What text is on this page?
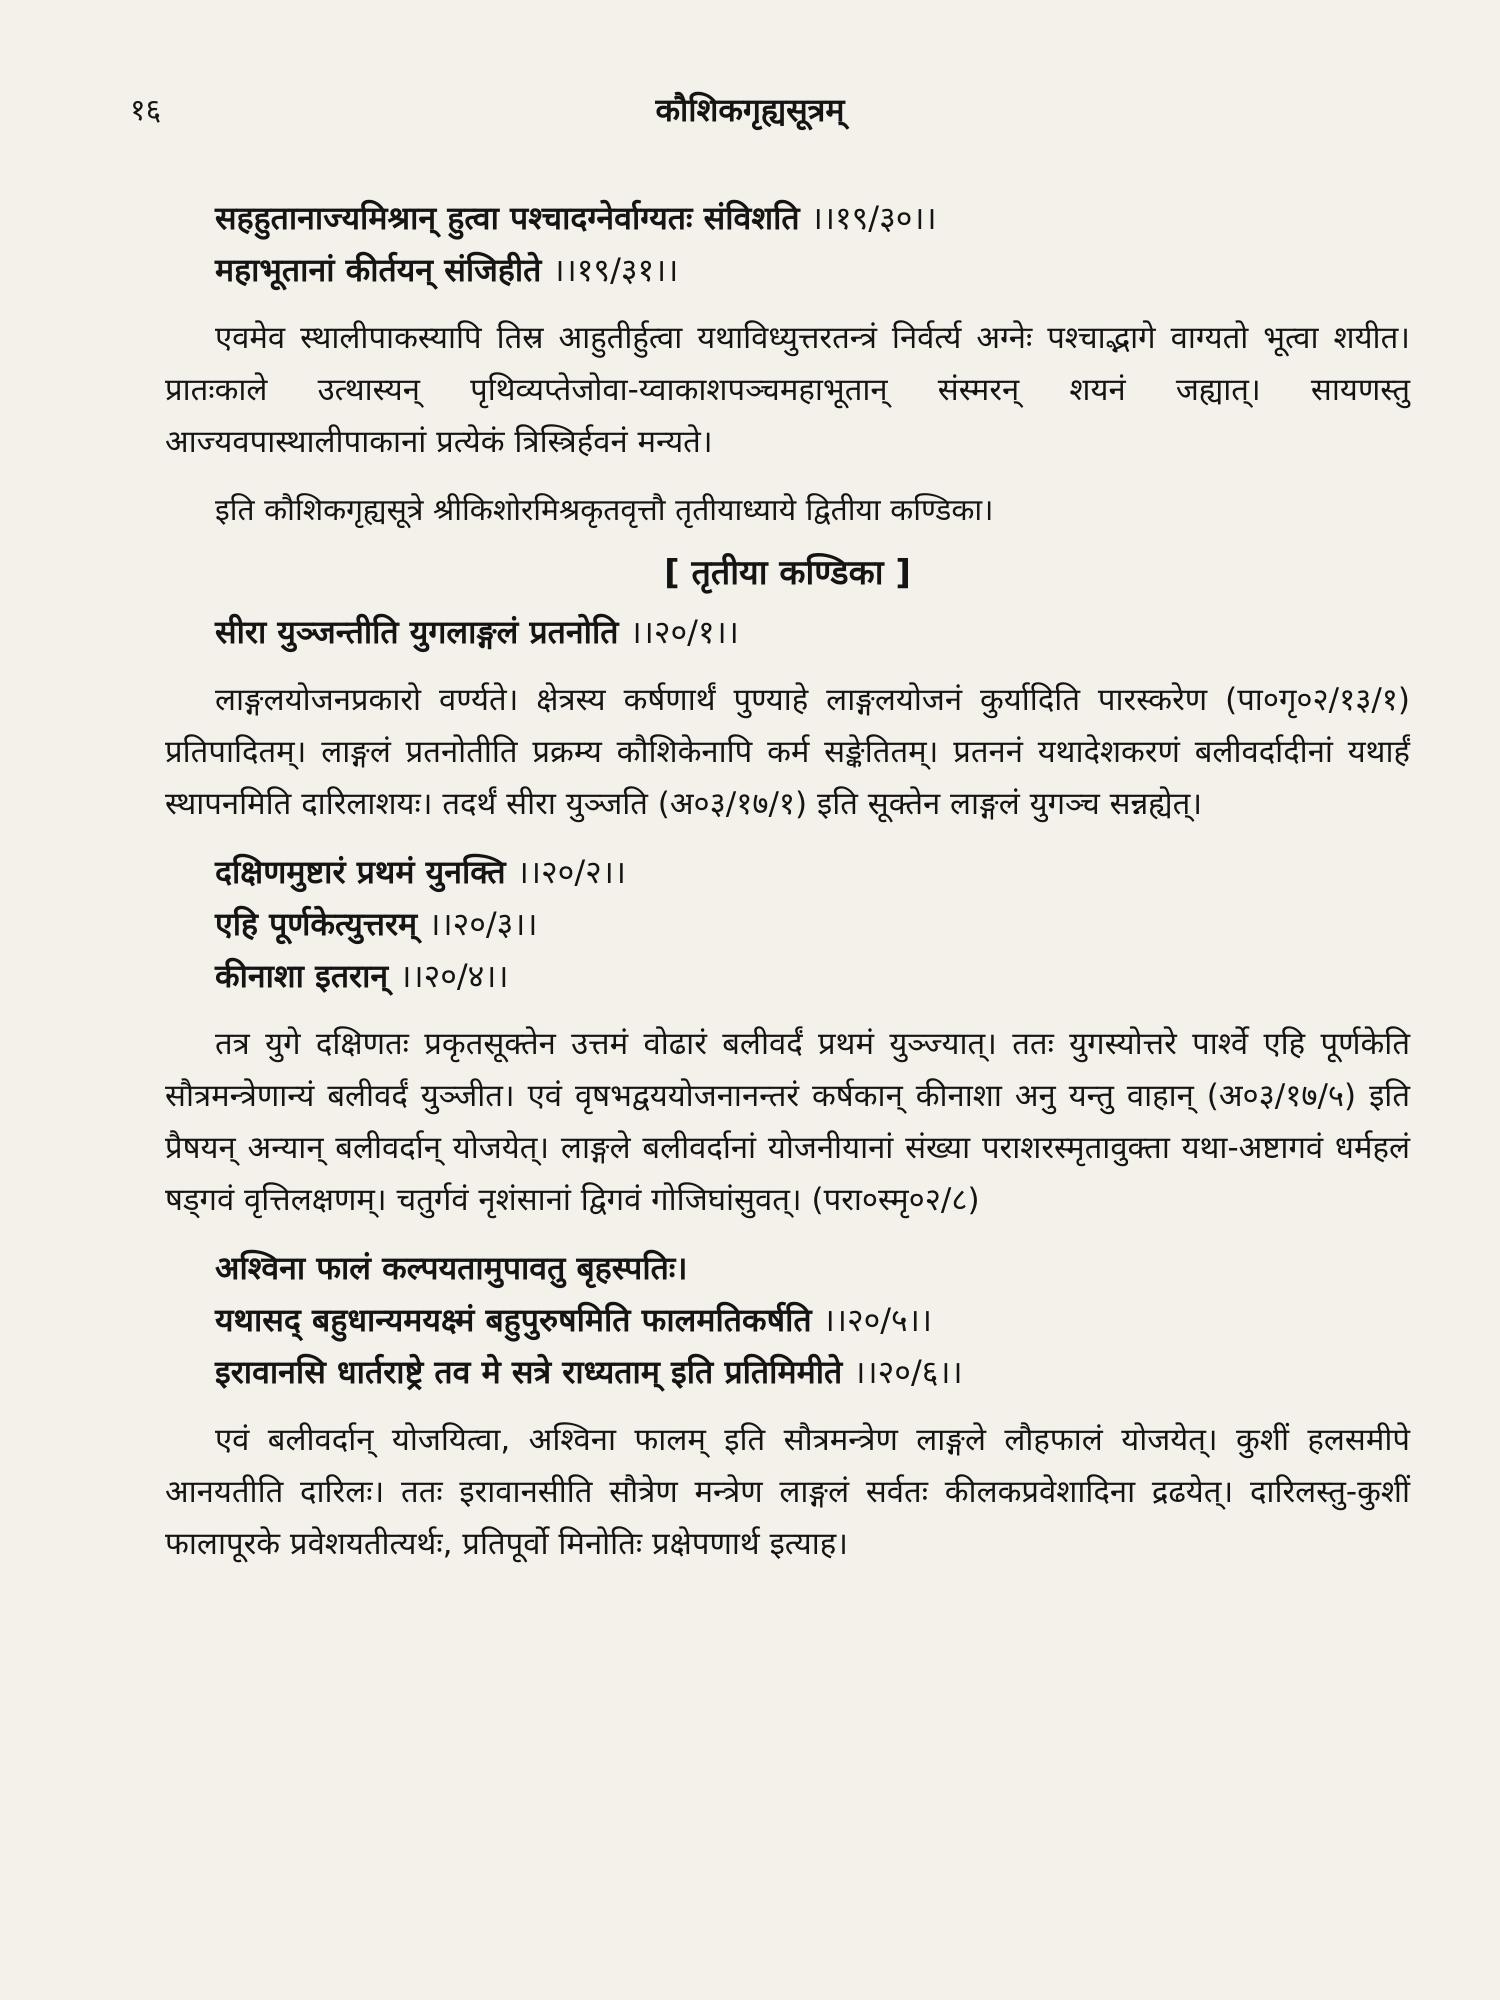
१६	कौशिकगृह्यसूत्रम्
सहहुतानाज्यमिश्रान् हुत्वा पश्चादग्नेर्वाग्यतः संविशति ।।१९/३०।।
महाभूतानां कीर्तयन् संजिहीते ।।१९/३१।।
एवमेव स्थालीपाकस्यापि तिस्र आहुतीर्हुत्वा यथाविध्युत्तरतन्त्रं निर्वर्त्य अग्नेः पश्चाद्भागे वाग्यतो भूत्वा शयीत। प्रातःकाले उत्थास्यन् पृथिव्यप्तेजोवा-य्वाकाशपञ्चमहाभूतान् संस्मरन् शयनं जह्यात्। सायणस्तु आज्यवपास्थालीपाकानां प्रत्येकं त्रिस्त्रिर्हवनं मन्यते।
इति कौशिकगृह्यसूत्रे श्रीकिशोरमिश्रकृतवृत्तौ तृतीयाध्याये द्वितीया कण्डिका।
[ तृतीया कण्डिका ]
सीरा युञ्जन्तीति युगलाङ्गलं प्रतनोति ।।२०/१।।
लाङ्गलयोजनप्रकारो वर्ण्यते। क्षेत्रस्य कर्षणार्थं पुण्याहे लाङ्गलयोजनं कुर्यादिति पारस्करेण (पा०गृ०२/१३/१) प्रतिपादितम्। लाङ्गलं प्रतनोतीति प्रक्रम्य कौशिकेनापि कर्म सङ्केतितम्। प्रतननं यथादेशकरणं बलीवर्दादीनां यथार्हं स्थापनमिति दारिलाशयः। तदर्थं सीरा युञ्जति (अ०३/१७/१) इति सूक्तेन लाङ्गलं युगञ्च सन्नह्येत्।
दक्षिणमुष्टारं प्रथमं युनक्ति ।।२०/२।।
एहि पूर्णकेत्युत्तरम् ।।२०/३।।
कीनाशा इतरान् ।।२०/४।।
तत्र युगे दक्षिणतः प्रकृतसूक्तेन उत्तमं वोढारं बलीवर्दं प्रथमं युञ्ज्यात्। ततः युगस्योत्तरे पार्श्वे एहि पूर्णकेति सौत्रमन्त्रेणान्यं बलीवर्दं युञ्जीत। एवं वृषभद्वययोजनानन्तरं कर्षकान् कीनाशा अनु यन्तु वाहान् (अ०३/१७/५) इति प्रैषयन् अन्यान् बलीवर्दान् योजयेत्। लाङ्गले बलीवर्दानां योजनीयानां संख्या पराशरस्मृतावुक्ता यथा-अष्टागवं धर्महलं षड्गवं वृत्तिलक्षणम्। चतुर्गवं नृशंसानां द्विगवं गोजिघांसुवत्। (परा०स्मृ०२/८)
अश्विना फालं कल्पयतामुपावतु बृहस्पतिः।
यथासद् बहुधान्यमयक्ष्मं बहुपुरुषमिति फालमतिकर्षति ।।२०/५।।
इरावानसि धार्तराष्ट्रे तव मे सत्रे राध्यताम् इति प्रतिमिमीते ।।२०/६।।
एवं बलीवर्दान् योजयित्वा, अश्विना फालम् इति सौत्रमन्त्रेण लाङ्गले लौहफालं योजयेत्। कुशीं हलसमीपे आनयतीति दारिलः। ततः इरावानसीति सौत्रेण मन्त्रेण लाङ्गलं सर्वतः कीलकप्रवेशादिना द्रढयेत्। दारिलस्तु-कुशीं फालापूरके प्रवेशयतीत्यर्थः, प्रतिपूर्वो मिनोतिः प्रक्षेपणार्थ इत्याह।
